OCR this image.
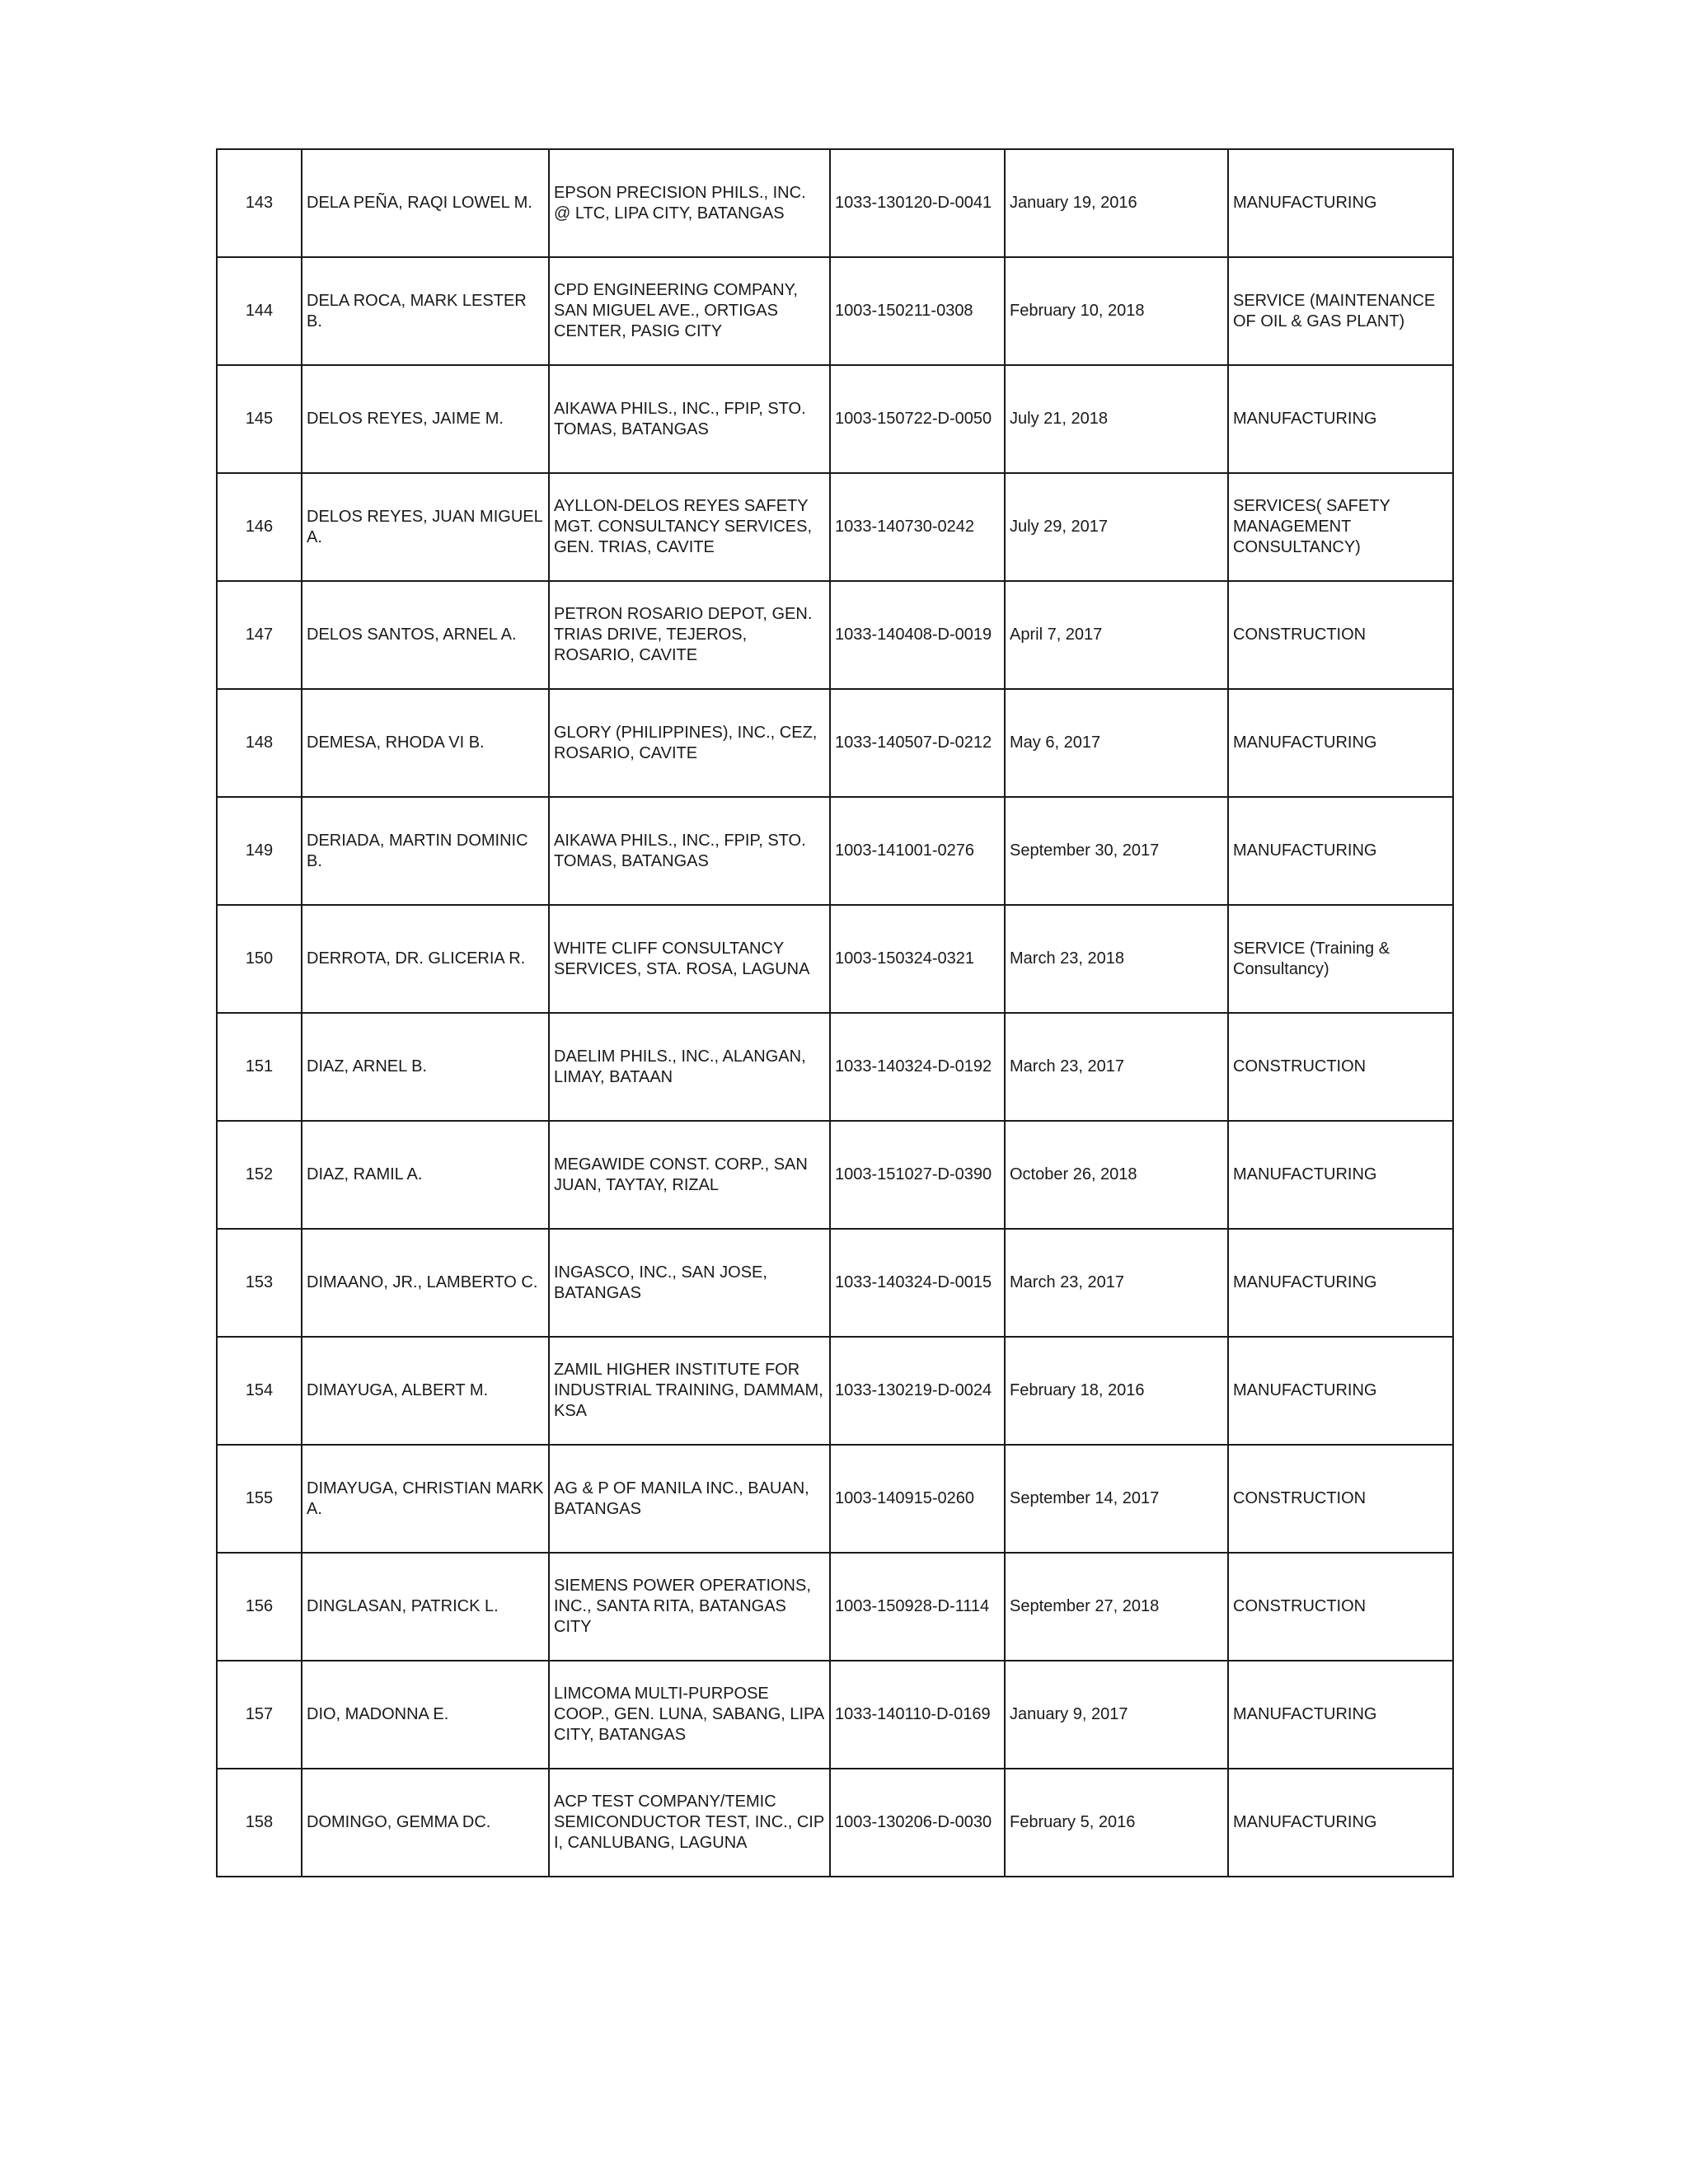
143	DELA PEÑA, RAQI LOWEL M.	EPSON PRECISION PHILS., INC. @ LTC, LIPA CITY, BATANGAS	1033-130120-D-0041	January 19, 2016	MANUFACTURING
144	DELA ROCA, MARK LESTER B.	CPD ENGINEERING COMPANY, SAN MIGUEL AVE., ORTIGAS CENTER, PASIG CITY	1003-150211-0308	February 10, 2018	SERVICE (MAINTENANCE OF OIL & GAS PLANT)
145	DELOS REYES, JAIME M.	AIKAWA PHILS., INC., FPIP, STO. TOMAS, BATANGAS	1003-150722-D-0050	July 21, 2018	MANUFACTURING
146	DELOS REYES, JUAN MIGUEL A.	AYLLON-DELOS REYES SAFETY MGT. CONSULTANCY SERVICES, GEN. TRIAS, CAVITE	1033-140730-0242	July 29, 2017	SERVICES( SAFETY MANAGEMENT CONSULTANCY)
147	DELOS SANTOS, ARNEL A.	PETRON ROSARIO DEPOT, GEN. TRIAS DRIVE, TEJEROS, ROSARIO, CAVITE	1033-140408-D-0019	April 7, 2017	CONSTRUCTION
148	DEMESA, RHODA VI B.	GLORY (PHILIPPINES), INC., CEZ, ROSARIO, CAVITE	1033-140507-D-0212	May 6, 2017	MANUFACTURING
149	DERIADA, MARTIN DOMINIC B.	AIKAWA PHILS., INC., FPIP, STO. TOMAS, BATANGAS	1003-141001-0276	September 30, 2017	MANUFACTURING
150	DERROTA, DR. GLICERIA R.	WHITE CLIFF CONSULTANCY SERVICES, STA. ROSA, LAGUNA	1003-150324-0321	March 23, 2018	SERVICE (Training & Consultancy)
151	DIAZ, ARNEL B.	DAELIM PHILS., INC., ALANGAN, LIMAY, BATAAN	1033-140324-D-0192	March 23, 2017	CONSTRUCTION
152	DIAZ, RAMIL A.	MEGAWIDE CONST. CORP., SAN JUAN, TAYTAY, RIZAL	1003-151027-D-0390	October 26, 2018	MANUFACTURING
153	DIMAANO, JR., LAMBERTO C.	INGASCO, INC., SAN JOSE, BATANGAS	1033-140324-D-0015	March 23, 2017	MANUFACTURING
154	DIMAYUGA, ALBERT M.	ZAMIL HIGHER INSTITUTE FOR INDUSTRIAL TRAINING, DAMMAM, KSA	1033-130219-D-0024	February 18, 2016	MANUFACTURING
155	DIMAYUGA, CHRISTIAN MARK A.	AG & P OF MANILA INC., BAUAN, BATANGAS	1003-140915-0260	September 14, 2017	CONSTRUCTION
156	DINGLASAN, PATRICK L.	SIEMENS POWER OPERATIONS, INC., SANTA RITA, BATANGAS CITY	1003-150928-D-1114	September 27, 2018	CONSTRUCTION
157	DIO, MADONNA E.	LIMCOMA MULTI-PURPOSE COOP., GEN. LUNA, SABANG, LIPA CITY, BATANGAS	1033-140110-D-0169	January 9, 2017	MANUFACTURING
158	DOMINGO, GEMMA DC.	ACP TEST COMPANY/TEMIC SEMICONDUCTOR TEST, INC., CIP I, CANLUBANG, LAGUNA	1003-130206-D-0030	February 5, 2016	MANUFACTURING
